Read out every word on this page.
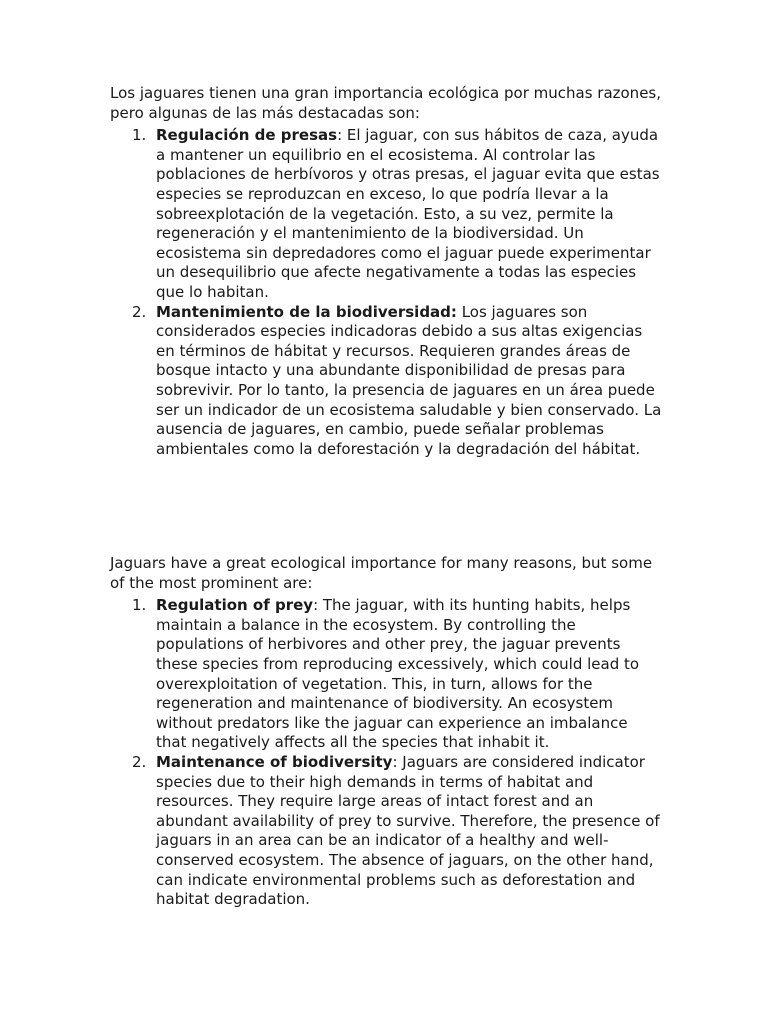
Los jaguares tienen una gran importancia ecológica por muchas razones, pero algunas de las más destacadas son:

1. Regulación de presas: El jaguar, con sus hábitos de caza, ayuda a mantener un equilibrio en el ecosistema. Al controlar las poblaciones de herbívoros y otras presas, el jaguar evita que estas especies se reproduzcan en exceso, lo que podría llevar a la sobreexplotación de la vegetación. Esto, a su vez, permite la regeneración y el mantenimiento de la biodiversidad. Un ecosistema sin depredadores como el jaguar puede experimentar un desequilibrio que afecte negativamente a todas las especies que lo habitan.
2. Mantenimiento de la biodiversidad: Los jaguares son considerados especies indicadoras debido a sus altas exigencias en términos de hábitat y recursos. Requieren grandes áreas de bosque intacto y una abundante disponibilidad de presas para sobrevivir. Por lo tanto, la presencia de jaguares en un área puede ser un indicador de un ecosistema saludable y bien conservado. La ausencia de jaguares, en cambio, puede señalar problemas ambientales como la deforestación y la degradación del hábitat.

Jaguars have a great ecological importance for many reasons, but some of the most prominent are:

1. Regulation of prey: The jaguar, with its hunting habits, helps maintain a balance in the ecosystem. By controlling the populations of herbivores and other prey, the jaguar prevents these species from reproducing excessively, which could lead to overexploitation of vegetation. This, in turn, allows for the regeneration and maintenance of biodiversity. An ecosystem without predators like the jaguar can experience an imbalance that negatively affects all the species that inhabit it.
2. Maintenance of biodiversity: Jaguars are considered indicator species due to their high demands in terms of habitat and resources. They require large areas of intact forest and an abundant availability of prey to survive. Therefore, the presence of jaguars in an area can be an indicator of a healthy and well-conserved ecosystem. The absence of jaguars, on the other hand, can indicate environmental problems such as deforestation and habitat degradation.
